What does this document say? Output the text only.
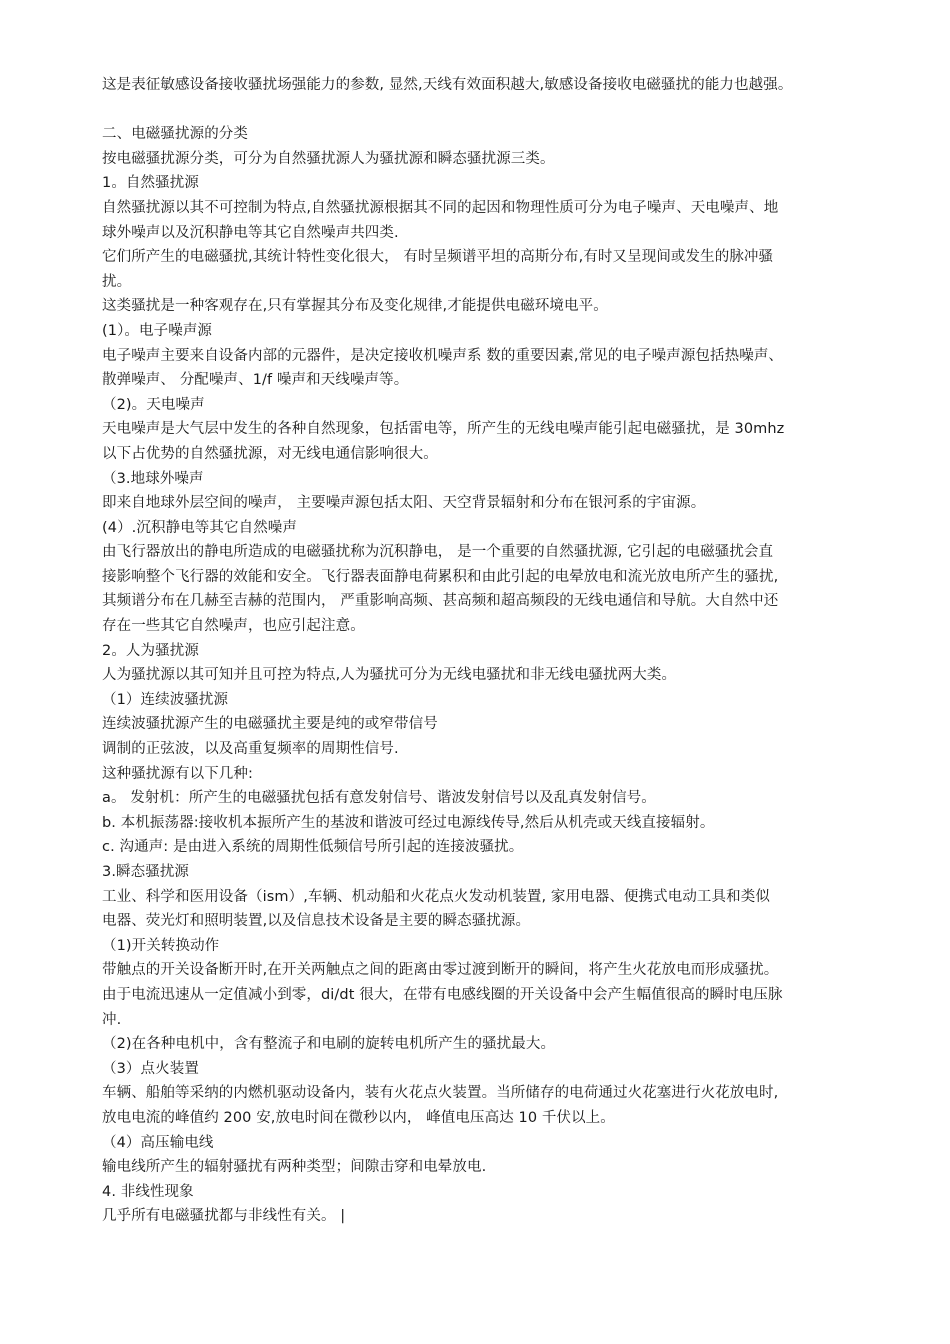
这是表征敏感设备接收骚扰场强能力的参数, 显然,天线有效面积越大,敏感设备接收电磁骚扰的能力也越强。
二、电磁骚扰源的分类
按电磁骚扰源分类，可分为自然骚扰源人为骚扰源和瞬态骚扰源三类。
1。自然骚扰源
自然骚扰源以其不可控制为特点,自然骚扰源根据其不同的起因和物理性质可分为电子噪声、天电噪声、地
球外噪声以及沉积静电等其它自然噪声共四类.
它们所产生的电磁骚扰,其统计特性变化很大， 有时呈频谱平坦的高斯分布,有时又呈现间或发生的脉冲骚
扰。
这类骚扰是一种客观存在,只有掌握其分布及变化规律,才能提供电磁环境电平。
(1）。电子噪声源
电子噪声主要来自设备内部的元器件，是决定接收机噪声系 数的重要因素,常见的电子噪声源包括热噪声、
散弹噪声、 分配噪声、1/f 噪声和天线噪声等。
（2)。天电噪声
天电噪声是大气层中发生的各种自然现象，包括雷电等，所产生的无线电噪声能引起电磁骚扰，是 30mhz
以下占优势的自然骚扰源，对无线电通信影响很大。
（3.地球外噪声
即来自地球外层空间的噪声， 主要噪声源包括太阳、天空背景辐射和分布在银河系的宇宙源。
(4）.沉积静电等其它自然噪声
由飞行器放出的静电所造成的电磁骚扰称为沉积静电， 是一个重要的自然骚扰源, 它引起的电磁骚扰会直
接影响整个飞行器的效能和安全。飞行器表面静电荷累积和由此引起的电晕放电和流光放电所产生的骚扰,
其频谱分布在几赫至吉赫的范围内， 严重影响高频、甚高频和超高频段的无线电通信和导航。大自然中还
存在一些其它自然噪声，也应引起注意。
2。人为骚扰源
人为骚扰源以其可知并且可控为特点,人为骚扰可分为无线电骚扰和非无线电骚扰两大类。
（1）连续波骚扰源
连续波骚扰源产生的电磁骚扰主要是纯的或窄带信号
调制的正弦波，以及高重复频率的周期性信号.
这种骚扰源有以下几种:
a。 发射机：所产生的电磁骚扰包括有意发射信号、谐波发射信号以及乱真发射信号。
b. 本机振荡器:接收机本振所产生的基波和谐波可经过电源线传导,然后从机壳或天线直接辐射。
c. 沟通声: 是由进入系统的周期性低频信号所引起的连接波骚扰。
3.瞬态骚扰源
工业、科学和医用设备（ism）,车辆、机动船和火花点火发动机装置, 家用电器、便携式电动工具和类似
电器、荧光灯和照明装置,以及信息技术设备是主要的瞬态骚扰源。
（1)开关转换动作
带触点的开关设备断开时,在开关两触点之间的距离由零过渡到断开的瞬间，将产生火花放电而形成骚扰。
由于电流迅速从一定值减小到零，di/dt 很大，在带有电感线圈的开关设备中会产生幅值很高的瞬时电压脉
冲.
（2)在各种电机中，含有整流子和电刷的旋转电机所产生的骚扰最大。
（3）点火装置
车辆、船舶等采纳的内燃机驱动设备内，装有火花点火装置。当所储存的电荷通过火花塞进行火花放电时,
放电电流的峰值约 200 安,放电时间在微秒以内， 峰值电压高达 10 千伏以上。
（4）高压输电线
输电线所产生的辐射骚扰有两种类型；间隙击穿和电晕放电.
4. 非线性现象
几乎所有电磁骚扰都与非线性有关。 |
